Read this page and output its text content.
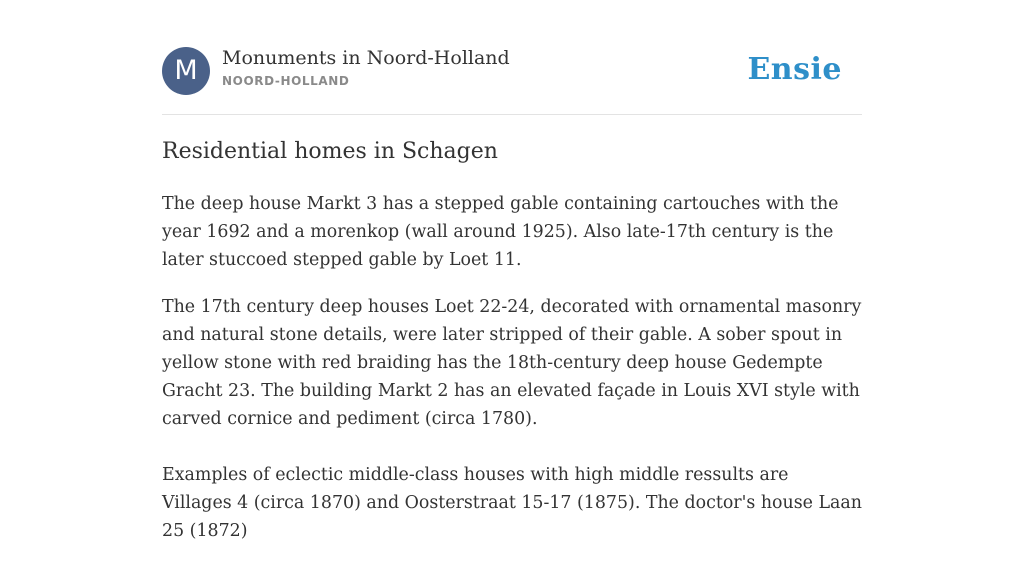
M	Monuments in Noord-Holland
NOORD-HOLLAND	Ensie
Residential homes in Schagen

The deep house Markt 3 has a stepped gable containing cartouches with the year 1692 and a morenkop (wall around 1925). Also late-17th century is the later stuccoed stepped gable by Loet 11.

The 17th century deep houses Loet 22-24, decorated with ornamental masonry and natural stone details, were later stripped of their gable. A sober spout in yellow stone with red braiding has the 18th-century deep house Gedempte Gracht 23. The building Markt 2 has an elevated façade in Louis XVI style with carved cornice and pediment (circa 1780).

Examples of eclectic middle-class houses with high middle ressults are Villages 4 (circa 1870) and Oosterstraat 15-17 (1875). The doctor's house Laan 25 (1872)
